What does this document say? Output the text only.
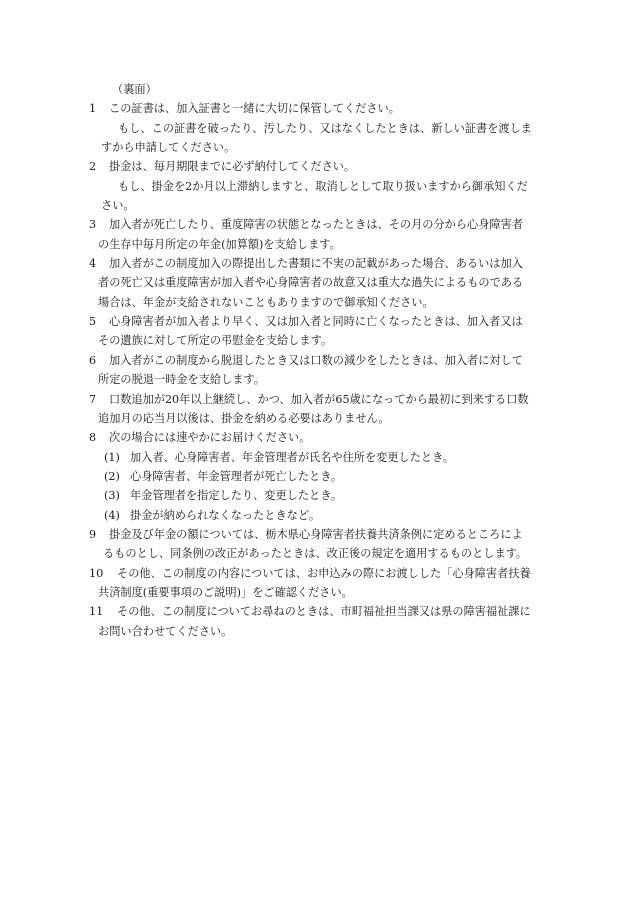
（裏面）
1 この証書は、加入証書と一緒に大切に保管してください。
もし、この証書を破ったり、汚したり、又はなくしたときは、新しい証書を渡しま
すから申請してください。
2 掛金は、毎月期限までに必ず納付してください。
もし、掛金を2か月以上滞納しますと、取消しとして取り扱いますから御承知くだ
さい。
3 加入者が死亡したり、重度障害の状態となったときは、その月の分から心身障害者
の生存中毎月所定の年金(加算額)を支給します。
4 加入者がこの制度加入の際提出した書類に不実の記載があった場合、あるいは加入
者の死亡又は重度障害が加入者や心身障害者の故意又は重大な過失によるものである
場合は、年金が支給されないこともありますので御承知ください。
5 心身障害者が加入者より早く、又は加入者と同時に亡くなったときは、加入者又は
その遺族に対して所定の弔慰金を支給します。
6 加入者がこの制度から脱退したとき又は口数の減少をしたときは、加入者に対して
所定の脱退一時金を支給します。
7 口数追加が20年以上継続し、かつ、加入者が65歳になってから最初に到来する口数
追加月の応当月以後は、掛金を納める必要はありません。
8 次の場合には速やかにお届けください。
(1) 加入者、心身障害者、年金管理者が氏名や住所を変更したとき。
(2) 心身障害者、年金管理者が死亡したとき。
(3) 年金管理者を指定したり、変更したとき。
(4) 掛金が納められなくなったときなど。
9 掛金及び年金の額については、栃木県心身障害者扶養共済条例に定めるところによ
るものとし、同条例の改正があったときは、改正後の規定を適用するものとします。
10 その他、この制度の内容については、お申込みの際にお渡しした「心身障害者扶養
共済制度(重要事項のご説明)」をご確認ください。
11 その他、この制度についてお尋ねのときは、市町福祉担当課又は県の障害福祉課に
お問い合わせてください。
